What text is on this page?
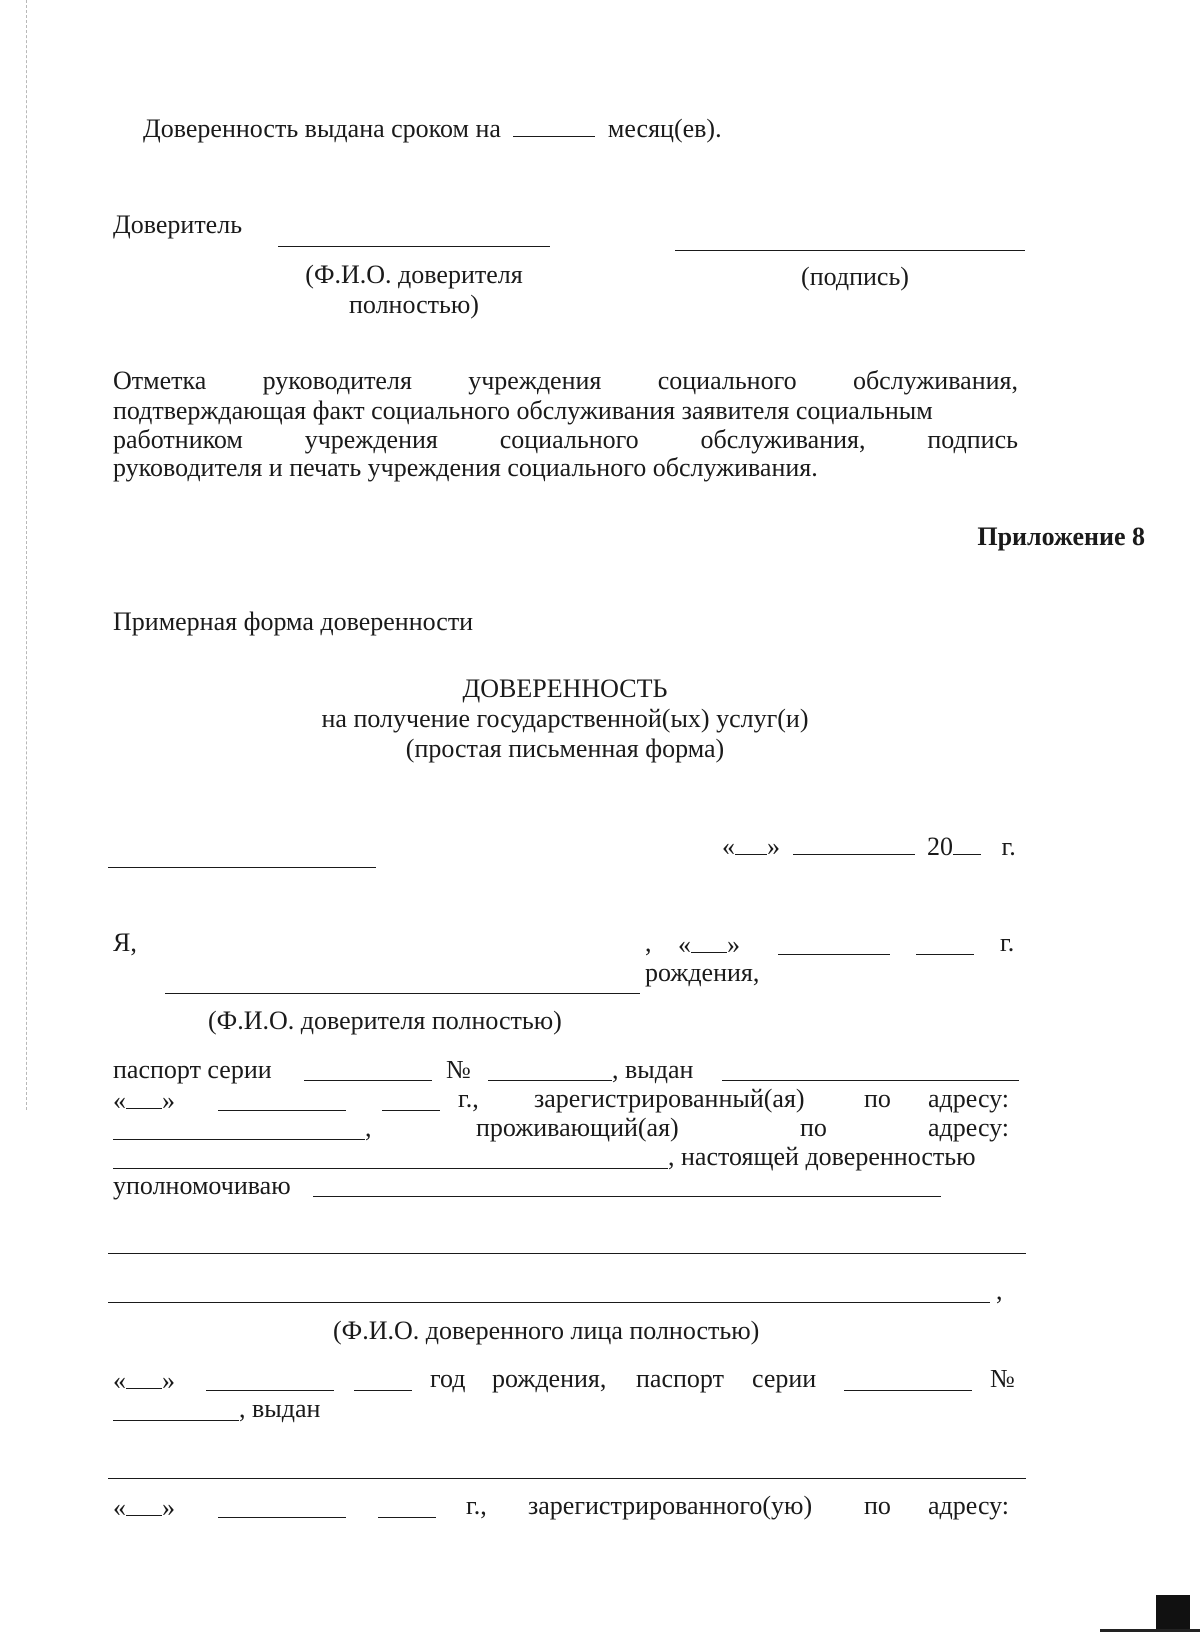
Доверенность выдана сроком на	месяц(ев).
Доверитель
(Ф.И.О. доверителя
полностью)
(подпись)
Отметка руководителя учреждения социального обслуживания,
подтверждающая факт социального обслуживания заявителя социальным
работником учреждения социального обслуживания, подпись
руководителя и печать учреждения социального обслуживания.
Приложение 8
Примерная форма доверенности
ДОВЕРЕННОСТЬ
на получение государственной(ых) услуг(и)
(простая письменная форма)
« »	20 г.
Я,	, « »	г.
рождения,
(Ф.И.О. доверителя полностью)
паспорт серии	№	, выдан
« »	г., зарегистрированный(ая) по адресу:
,	проживающий(ая)	по	адресу:
, настоящей доверенностью
уполномочиваю
,
(Ф.И.О. доверенного лица полностью)
« »	год рождения, паспорт серии	№
, выдан
« »	г., зарегистрированного(ую) по адресу:
